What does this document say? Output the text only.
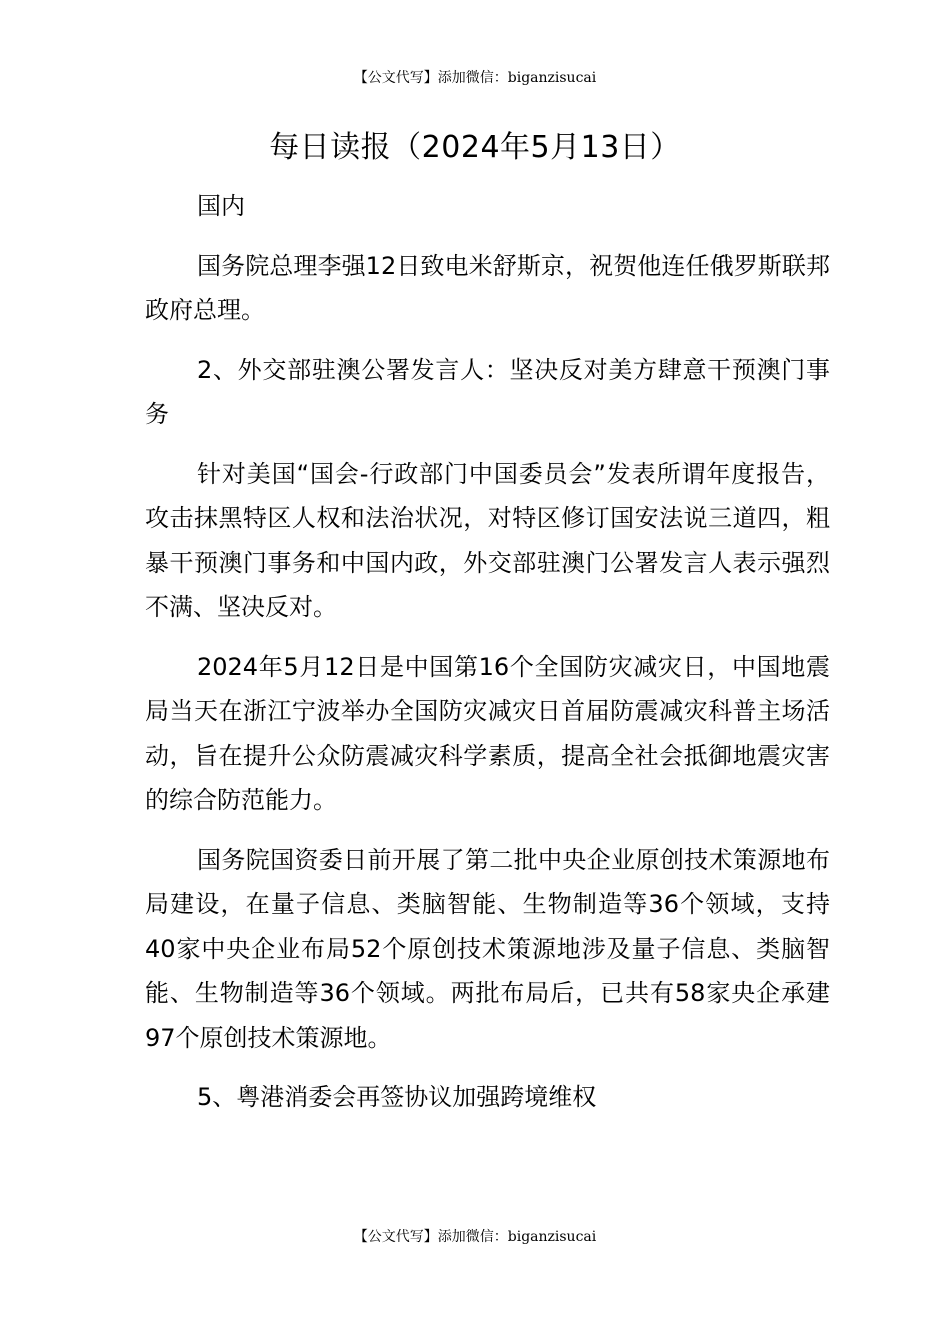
【公文代写】添加微信：biganzisucai
每日读报（2024年5月13日）

国内

国务院总理李强12日致电米舒斯京，祝贺他连任俄罗斯联邦政府总理。

2、外交部驻澳公署发言人：坚决反对美方肆意干预澳门事务

针对美国“国会-行政部门中国委员会”发表所谓年度报告，攻击抹黑特区人权和法治状况，对特区修订国安法说三道四，粗暴干预澳门事务和中国内政，外交部驻澳门公署发言人表示强烈不满、坚决反对。

2024年5月12日是中国第16个全国防灾减灾日，中国地震局当天在浙江宁波举办全国防灾减灾日首届防震减灾科普主场活动，旨在提升公众防震减灾科学素质，提高全社会抵御地震灾害的综合防范能力。

国务院国资委日前开展了第二批中央企业原创技术策源地布局建设，在量子信息、类脑智能、生物制造等36个领域，支持40家中央企业布局52个原创技术策源地涉及量子信息、类脑智能、生物制造等36个领域。两批布局后，已共有58家央企承建97个原创技术策源地。

5、粤港消委会再签协议加强跨境维权

【公文代写】添加微信：biganzisucai
